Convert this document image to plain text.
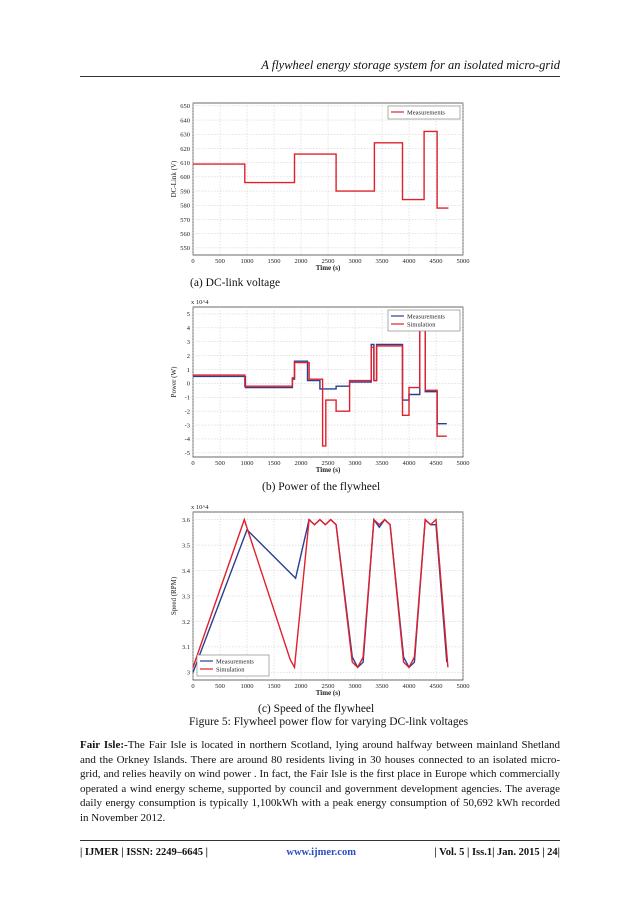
A flywheel energy storage system for an isolated micro-grid
0	500 1000 1500 2000 2500 3000 3500 4000 4500 5000
550
560
570
580
590
600
610
620
630
640
650
Time (s)
DC-Link (V)
Measurements
(a) DC-link voltage
0	500 1000 1500 2000 2500 3000 3500 4000 4500 5000
-5
-4
-3
-2
-1
0
1
2
3
4
5
Time (s)
Power (W)
x 10^4
Measurements
Simulation
(b) Power of the flywheel
0	500 1000 1500 2000 2500 3000 3500 4000 4500 5000
3
3.1
3.2
3.3
3.4
3.5
3.6
Time (s)
Speed (RPM)
x 10^4
Measurements
Simulation
(c) Speed of the flywheel
Figure 5: Flywheel power flow for varying DC-link voltages
Fair Isle:-The Fair Isle is located in northern Scotland, lying around halfway between mainland Shetland and the Orkney Islands. There are around 80 residents living in 30 houses connected to an isolated micro- grid, and relies heavily on wind power . In fact, the Fair Isle is the first place in Europe which commercially operated a wind energy scheme, supported by council and government development agencies. The average daily energy consumption is typically 1,100kWh with a peak energy consumption of 50,692 kWh recorded in November 2012.
| IJMER | ISSN: 2249–6645 |	www.ijmer.com	| Vol. 5 | Iss.1| Jan. 2015 | 24|
